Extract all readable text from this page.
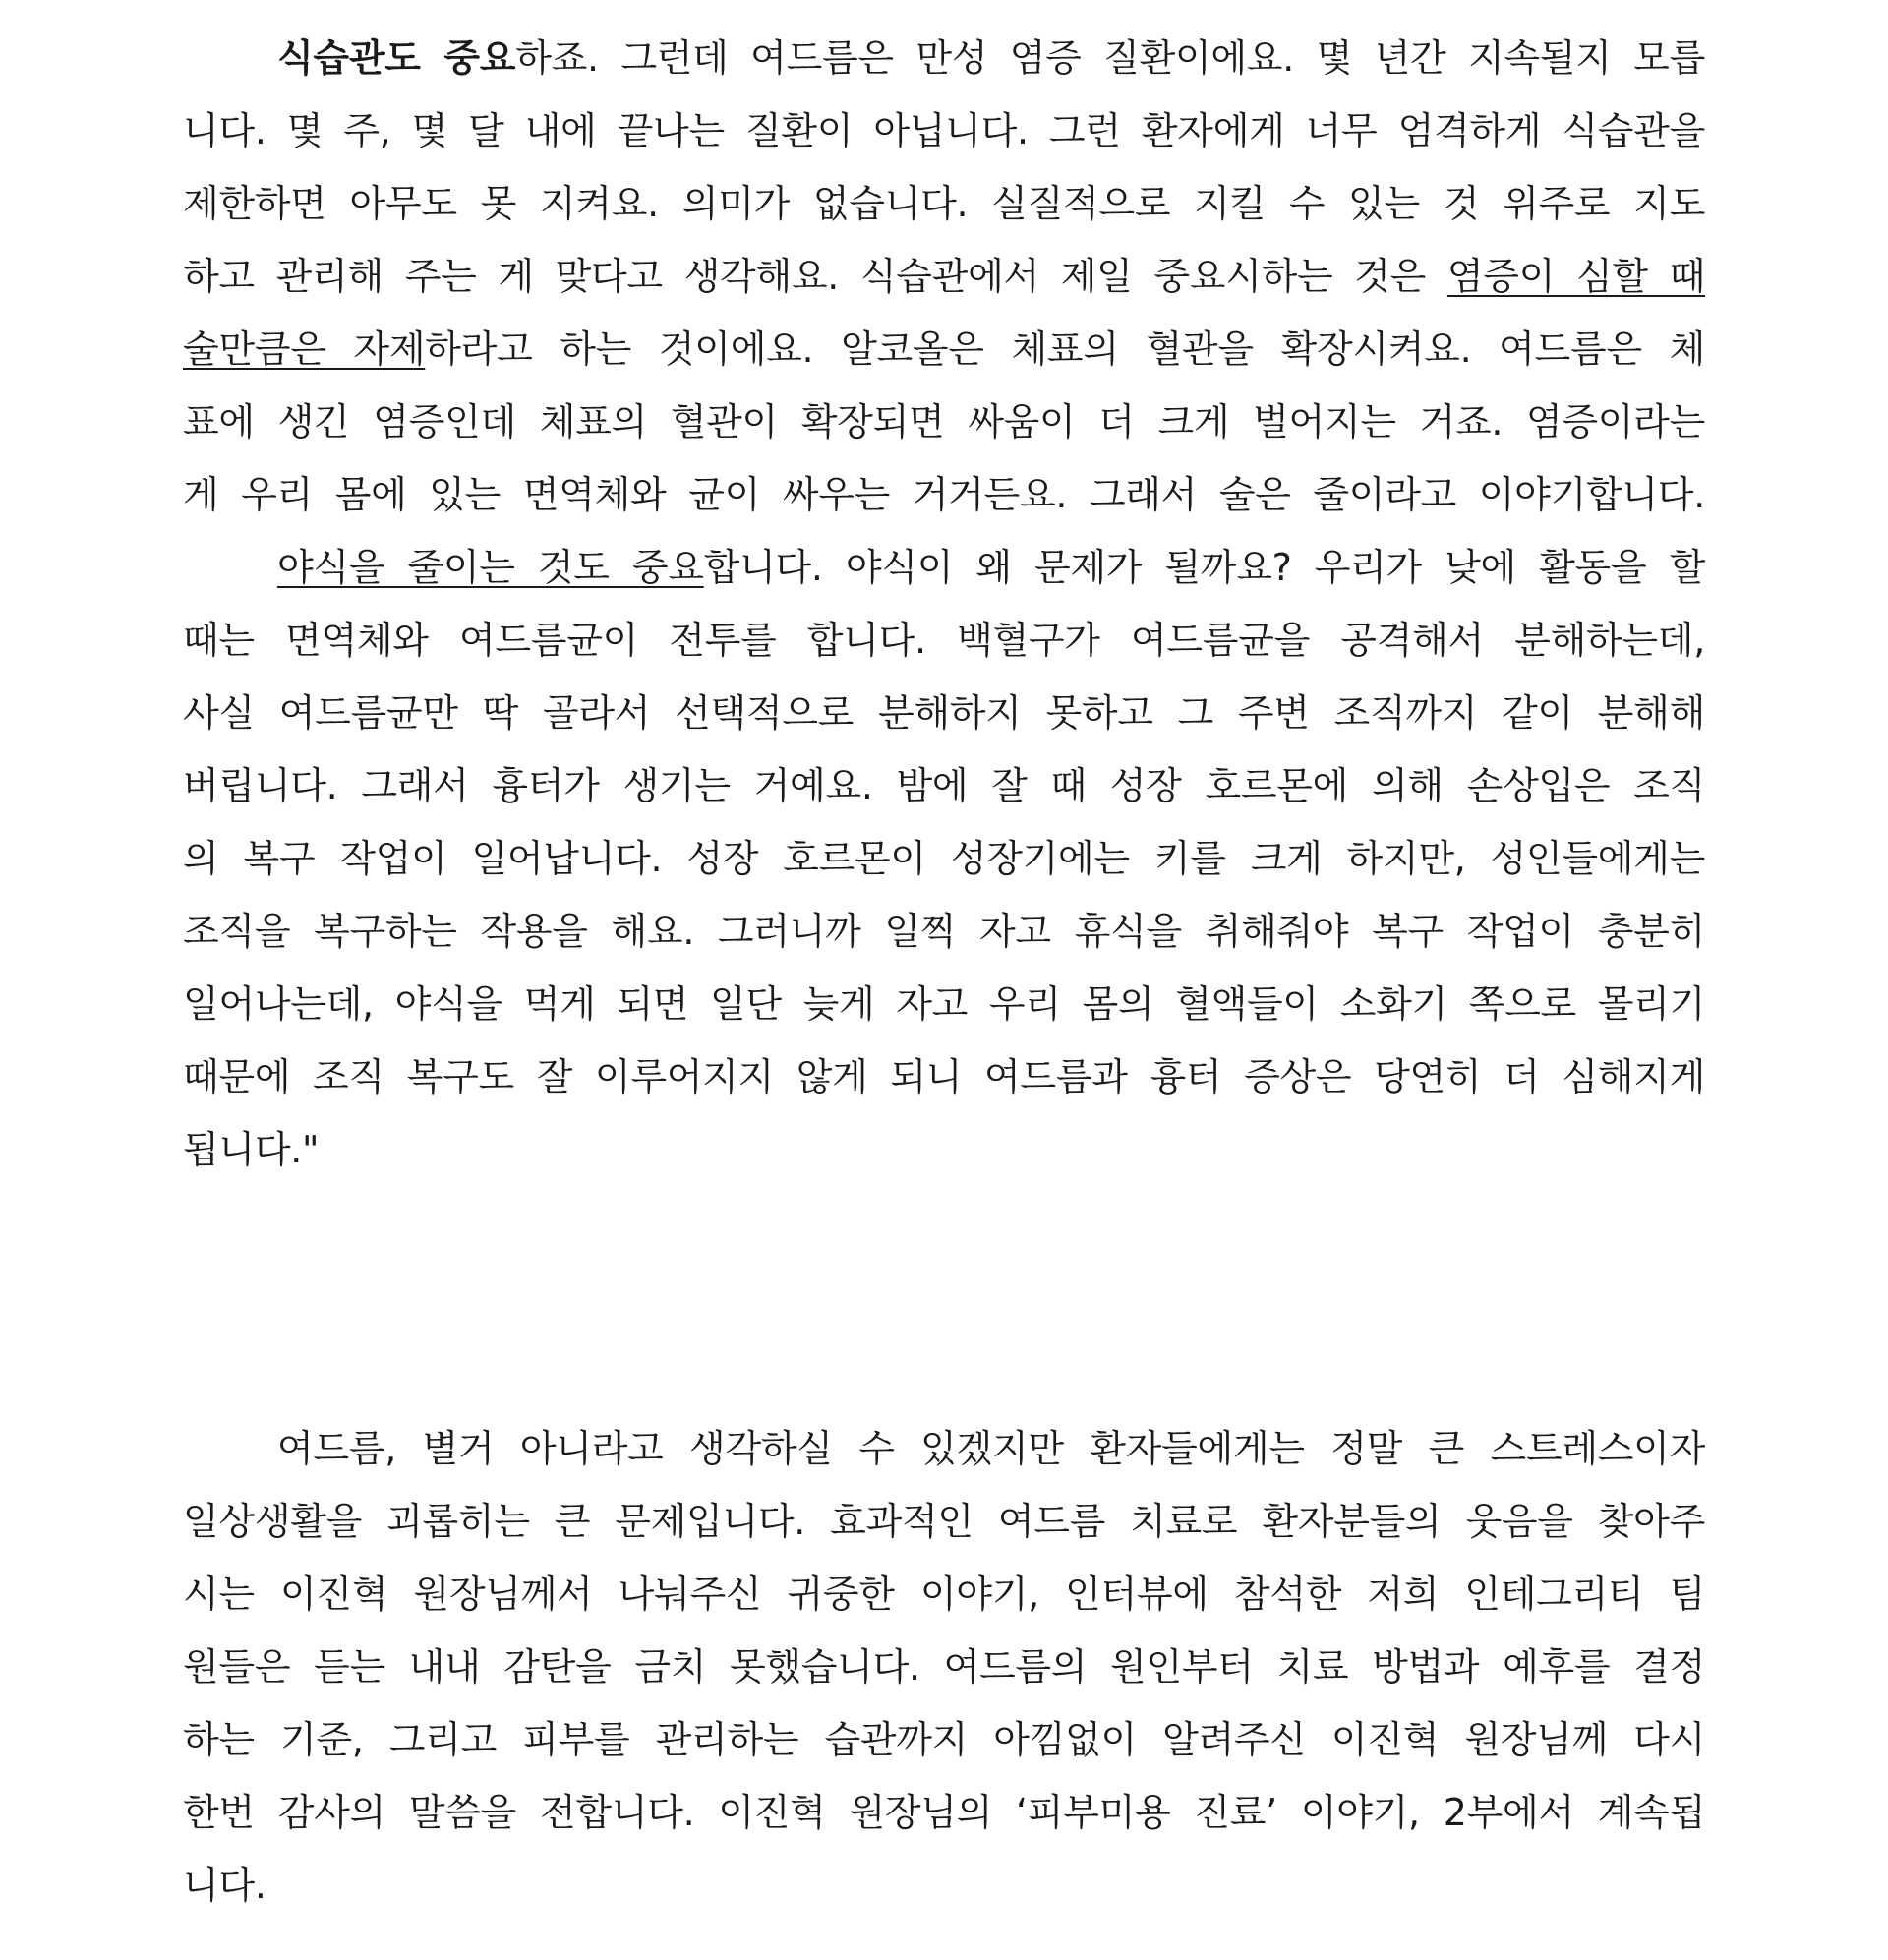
식습관도 중요하죠. 그런데 여드름은 만성 염증 질환이에요. 몇 년간 지속될지 모릅
니다. 몇 주, 몇 달 내에 끝나는 질환이 아닙니다. 그런 환자에게 너무 엄격하게 식습관을
제한하면 아무도 못 지켜요. 의미가 없습니다. 실질적으로 지킬 수 있는 것 위주로 지도
하고 관리해 주는 게 맞다고 생각해요. 식습관에서 제일 중요시하는 것은 염증이 심할 때
술만큼은 자제하라고 하는 것이에요. 알코올은 체표의 혈관을 확장시켜요. 여드름은 체
표에 생긴 염증인데 체표의 혈관이 확장되면 싸움이 더 크게 벌어지는 거죠. 염증이라는
게 우리 몸에 있는 면역체와 균이 싸우는 거거든요. 그래서 술은 줄이라고 이야기합니다.
야식을 줄이는 것도 중요합니다. 야식이 왜 문제가 될까요? 우리가 낮에 활동을 할
때는 면역체와 여드름균이 전투를 합니다. 백혈구가 여드름균을 공격해서 분해하는데,
사실 여드름균만 딱 골라서 선택적으로 분해하지 못하고 그 주변 조직까지 같이 분해해
버립니다. 그래서 흉터가 생기는 거예요. 밤에 잘 때 성장 호르몬에 의해 손상입은 조직
의 복구 작업이 일어납니다. 성장 호르몬이 성장기에는 키를 크게 하지만, 성인들에게는
조직을 복구하는 작용을 해요. 그러니까 일찍 자고 휴식을 취해줘야 복구 작업이 충분히
일어나는데, 야식을 먹게 되면 일단 늦게 자고 우리 몸의 혈액들이 소화기 쪽으로 몰리기
때문에 조직 복구도 잘 이루어지지 않게 되니 여드름과 흉터 증상은 당연히 더 심해지게
됩니다."
여드름, 별거 아니라고 생각하실 수 있겠지만 환자들에게는 정말 큰 스트레스이자
일상생활을 괴롭히는 큰 문제입니다. 효과적인 여드름 치료로 환자분들의 웃음을 찾아주
시는 이진혁 원장님께서 나눠주신 귀중한 이야기, 인터뷰에 참석한 저희 인테그리티 팀
원들은 듣는 내내 감탄을 금치 못했습니다. 여드름의 원인부터 치료 방법과 예후를 결정
하는 기준, 그리고 피부를 관리하는 습관까지 아낌없이 알려주신 이진혁 원장님께 다시
한번 감사의 말씀을 전합니다. 이진혁 원장님의 ‘피부미용 진료’ 이야기, 2부에서 계속됩
니다.
